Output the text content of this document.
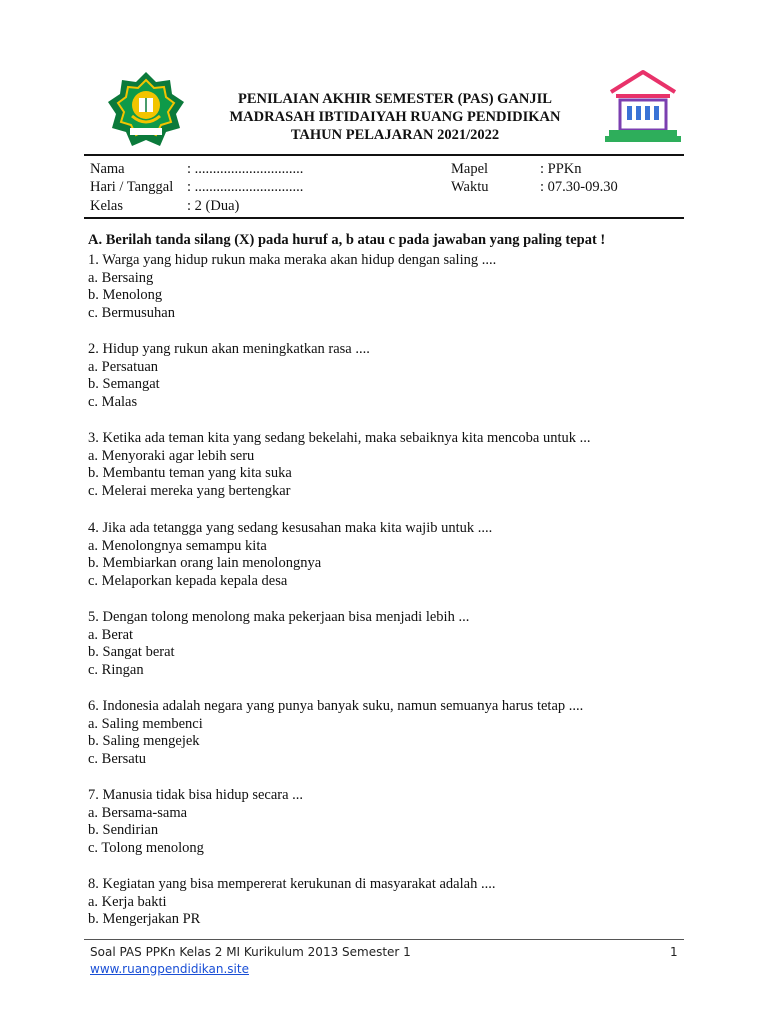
PENILAIAN AKHIR SEMESTER (PAS) GANJIL
MADRASAH IBTIDAIYAH RUANG PENDIDIKAN
TAHUN PELAJARAN 2021/2022
Nama	: ..............................
Hari / Tanggal : ..............................
Kelas	: 2 (Dua)
Mapel	: PPKn
Waktu	: 07.30-09.30
A. Berilah tanda silang (X) pada huruf a, b atau c pada jawaban yang paling tepat !
1. Warga yang hidup rukun maka meraka akan hidup dengan saling ....
a. Bersaing
b. Menolong
c. Bermusuhan
2. Hidup yang rukun akan meningkatkan rasa ....
a. Persatuan
b. Semangat
c. Malas
3. Ketika ada teman kita yang sedang bekelahi, maka sebaiknya kita mencoba untuk ...
a. Menyoraki agar lebih seru
b. Membantu teman yang kita suka
c. Melerai mereka yang bertengkar
4. Jika ada tetangga yang sedang kesusahan maka kita wajib untuk ....
a. Menolongnya semampu kita
b. Membiarkan orang lain menolongnya
c. Melaporkan kepada kepala desa
5. Dengan tolong menolong maka pekerjaan bisa menjadi lebih ...
a. Berat
b. Sangat berat
c. Ringan
6. Indonesia adalah negara yang punya banyak suku, namun semuanya harus tetap ....
a. Saling membenci
b. Saling mengejek
c. Bersatu
7. Manusia tidak bisa hidup secara ...
a. Bersama-sama
b. Sendirian
c. Tolong menolong
8. Kegiatan yang bisa mempererat kerukunan di masyarakat adalah ....
a. Kerja bakti
b. Mengerjakan PR
Soal PAS PPKn Kelas 2 MI Kurikulum 2013 Semester 1
www.ruangpendidikan.site
1
